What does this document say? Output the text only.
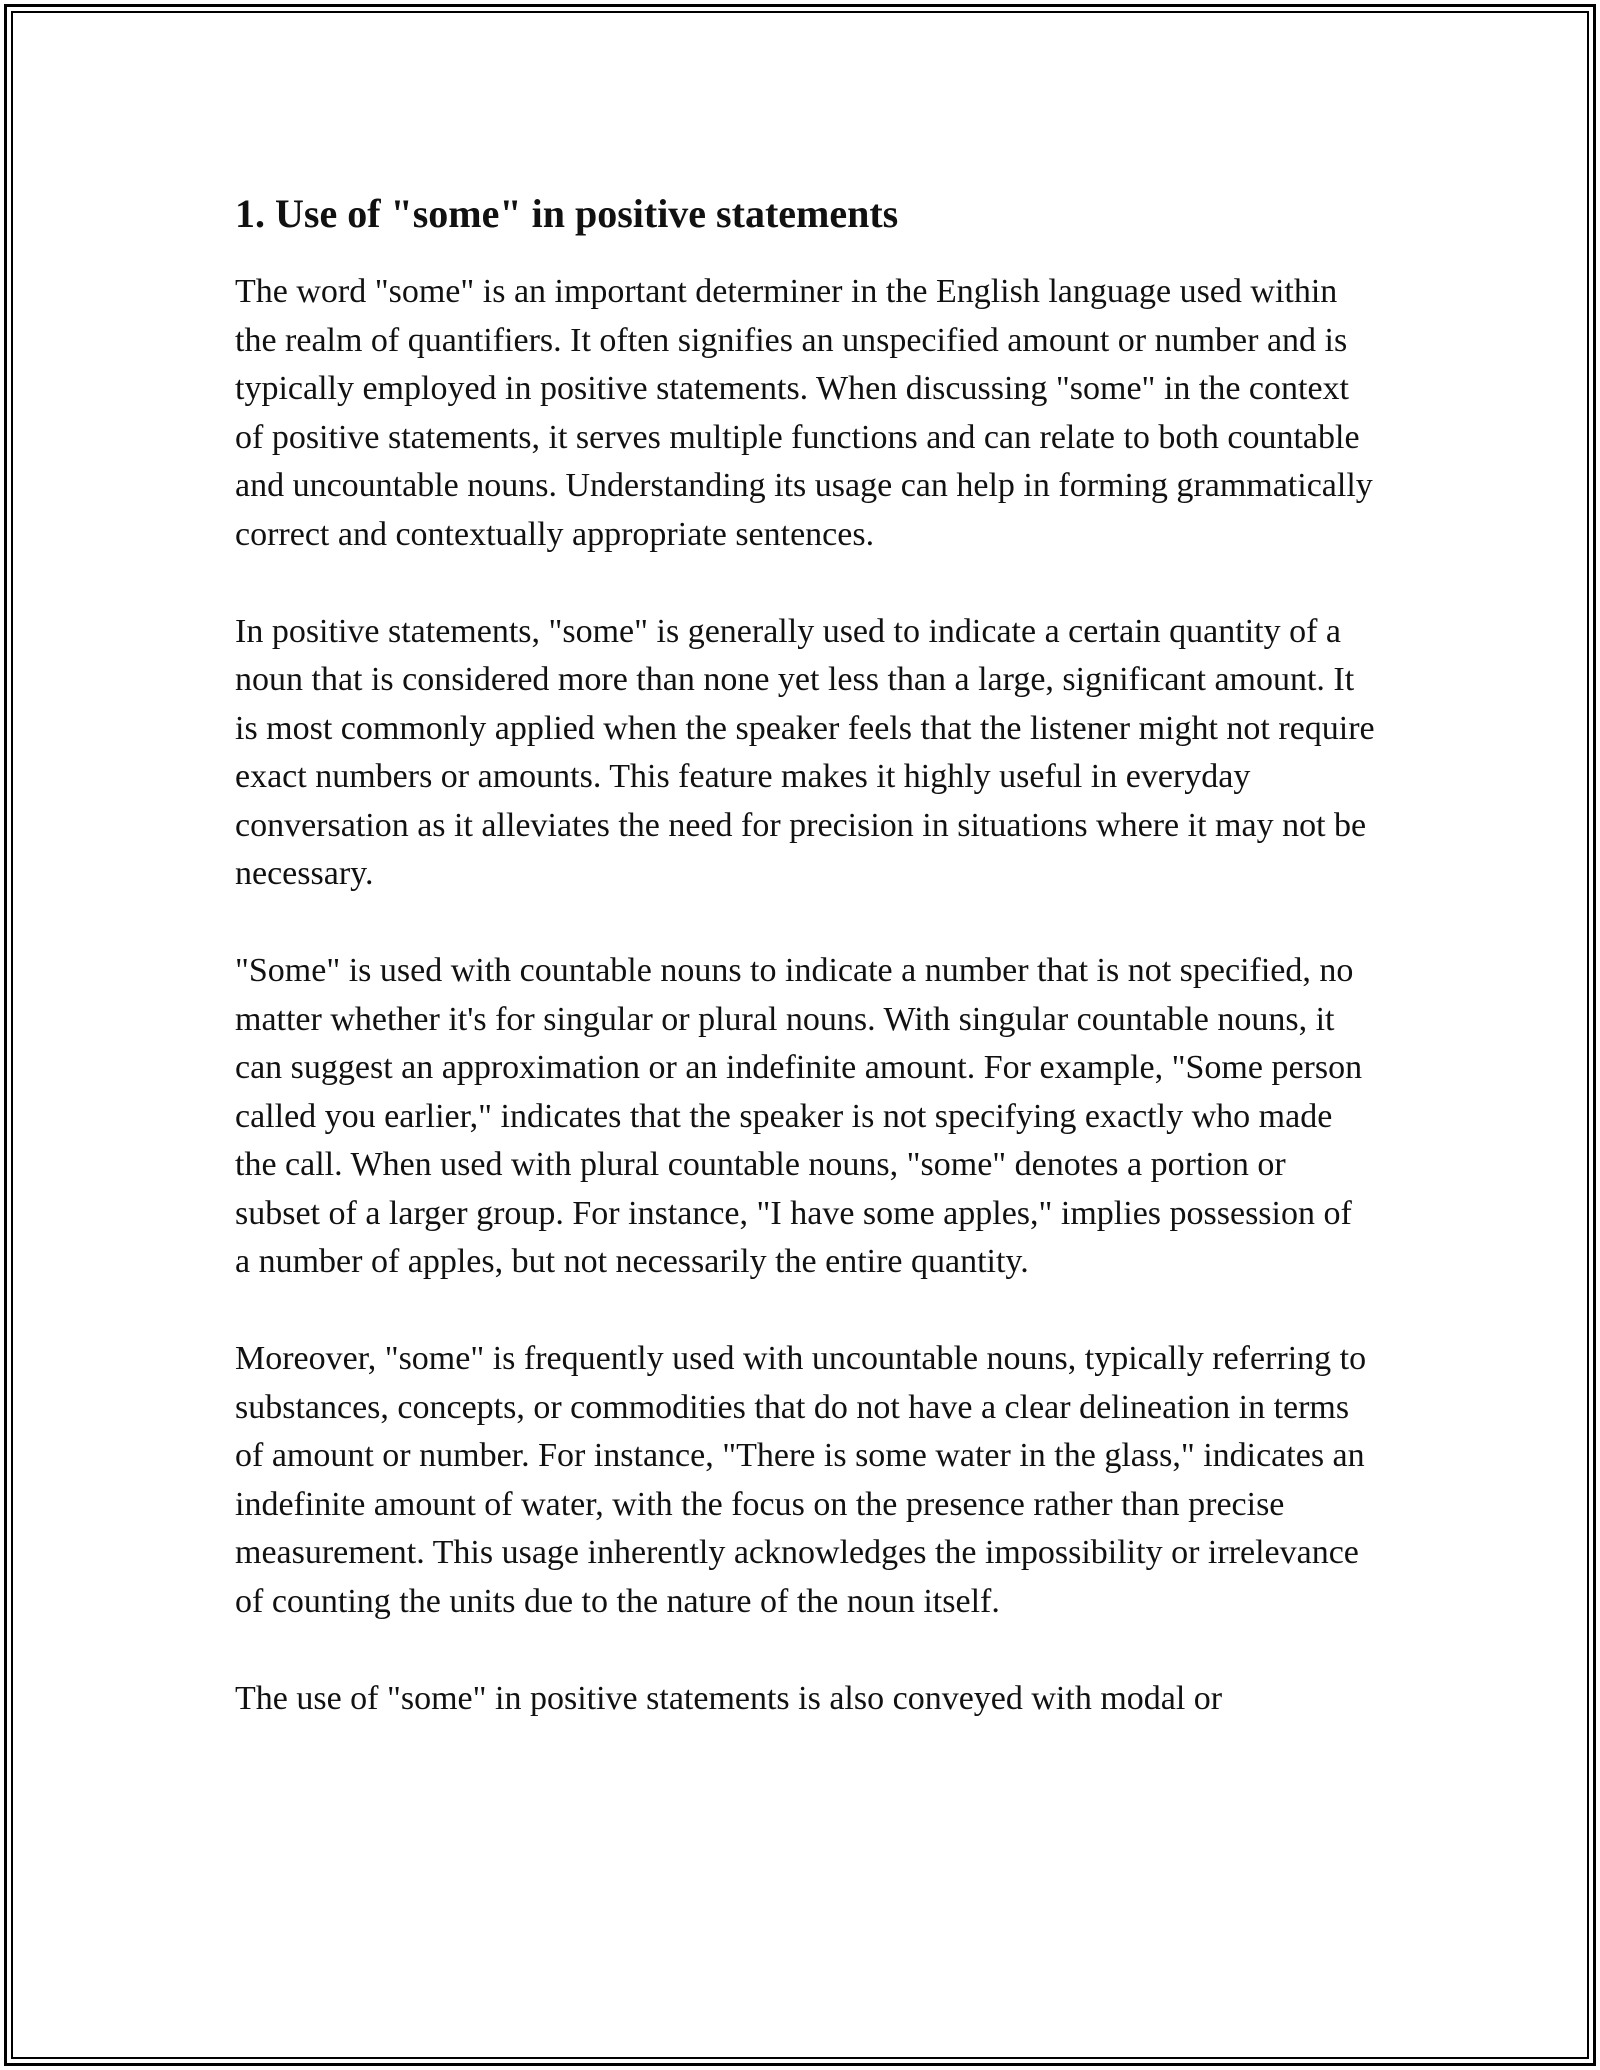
1. Use of "some" in positive statements

The word "some" is an important determiner in the English language used within the realm of quantifiers. It often signifies an unspecified amount or number and is typically employed in positive statements. When discussing "some" in the context of positive statements, it serves multiple functions and can relate to both countable and uncountable nouns. Understanding its usage can help in forming grammatically correct and contextually appropriate sentences.

In positive statements, "some" is generally used to indicate a certain quantity of a noun that is considered more than none yet less than a large, significant amount. It is most commonly applied when the speaker feels that the listener might not require exact numbers or amounts. This feature makes it highly useful in everyday conversation as it alleviates the need for precision in situations where it may not be necessary.

"Some" is used with countable nouns to indicate a number that is not specified, no matter whether it's for singular or plural nouns. With singular countable nouns, it can suggest an approximation or an indefinite amount. For example, "Some person called you earlier," indicates that the speaker is not specifying exactly who made the call. When used with plural countable nouns, "some" denotes a portion or subset of a larger group. For instance, "I have some apples," implies possession of a number of apples, but not necessarily the entire quantity.

Moreover, "some" is frequently used with uncountable nouns, typically referring to substances, concepts, or commodities that do not have a clear delineation in terms of amount or number. For instance, "There is some water in the glass," indicates an indefinite amount of water, with the focus on the presence rather than precise measurement. This usage inherently acknowledges the impossibility or irrelevance of counting the units due to the nature of the noun itself.

The use of "some" in positive statements is also conveyed with modal or
